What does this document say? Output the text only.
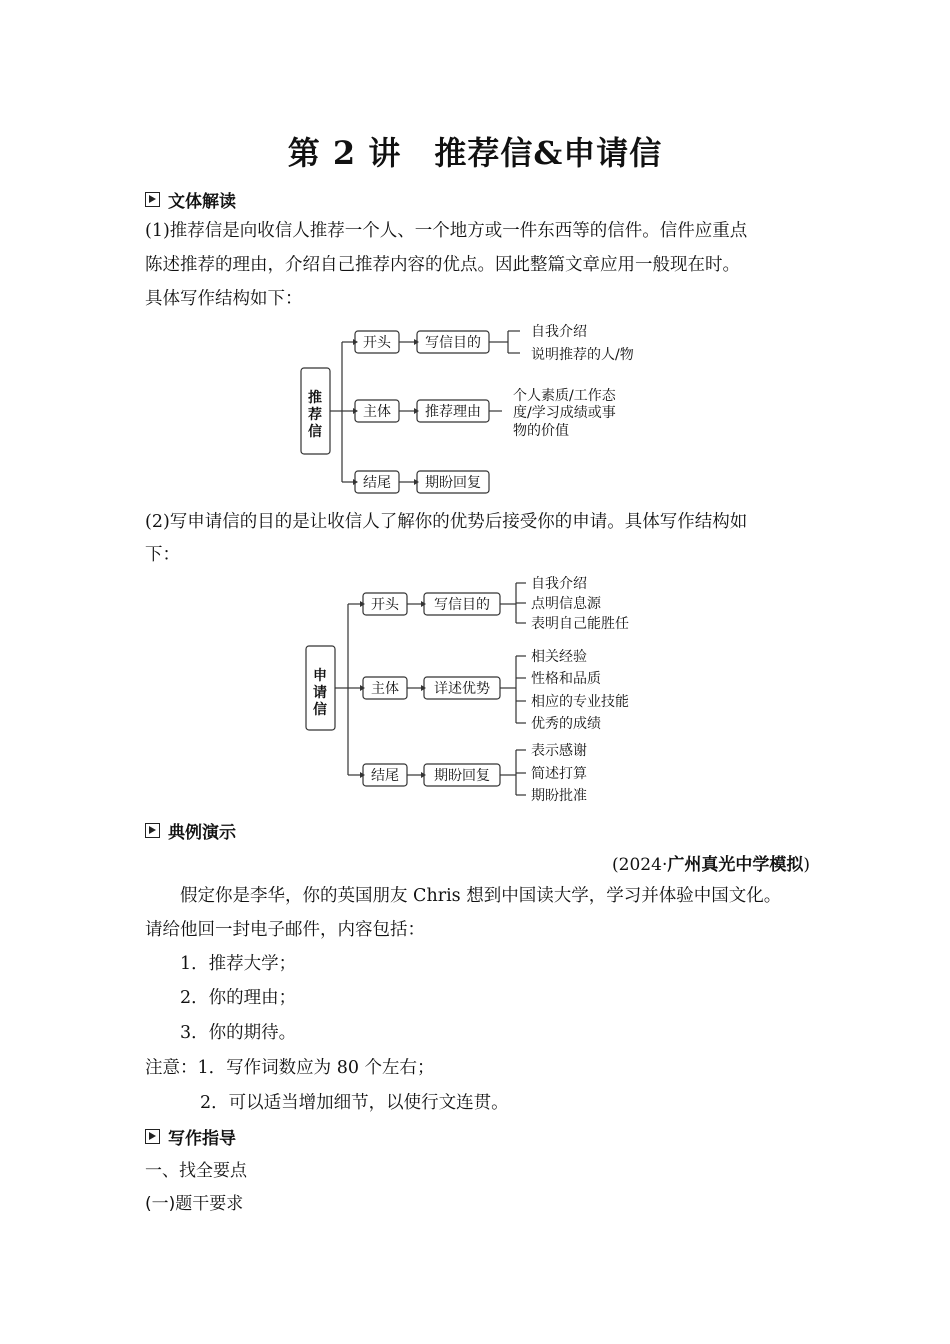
第 2 讲　推荐信&申请信
文体解读
(1)推荐信是向收信人推荐一个人、一个地方或一件东西等的信件。信件应重点
陈述推荐的理由，介绍自己推荐内容的优点。因此整篇文章应用一般现在时。
具体写作结构如下：
推
荐
信
开头
主体
结尾
写信目的
推荐理由
期盼回复
自我介绍
说明推荐的人/物
个人素质/工作态
度/学习成绩或事
物的价值
(2)写申请信的目的是让收信人了解你的优势后接受你的申请。具体写作结构如
下：
申
请
信
开头
主体
结尾
写信目的
详述优势
期盼回复
自我介绍
点明信息源
表明自己能胜任
相关经验
性格和品质
相应的专业技能
优秀的成绩
表示感谢
简述打算
期盼批准
典例演示
(2024·广州真光中学模拟)
　　假定你是李华，你的英国朋友 Chris 想到中国读大学，学习并体验中国文化。
请给他回一封电子邮件，内容包括：
1．推荐大学；
2．你的理由；
3．你的期待。
注意：1．写作词数应为 80 个左右；
2．可以适当增加细节，以使行文连贯。
写作指导
一、找全要点
(一)题干要求
